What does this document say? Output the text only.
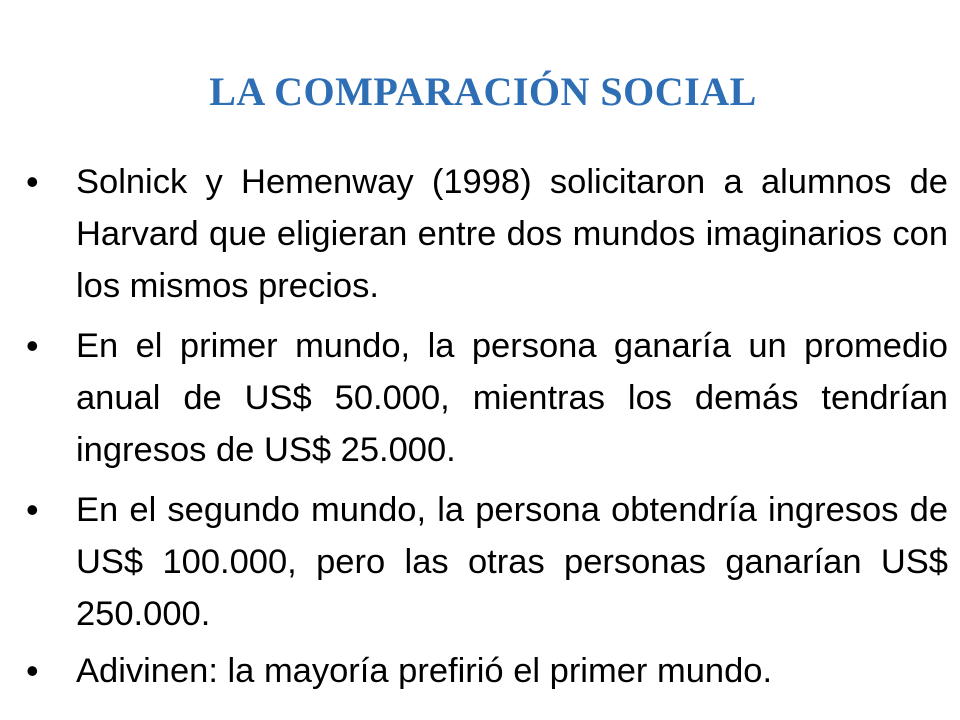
LA COMPARACIÓN SOCIAL
•	Solnick y Hemenway (1998) solicitaron a alumnos de Harvard que eligieran entre dos mundos imaginarios con los mismos precios.

•	En el primer mundo, la persona ganaría un promedio anual de US$ 50.000, mientras los demás tendrían ingresos de US$ 25.000.

•	En el segundo mundo, la persona obtendría ingresos de US$ 100.000, pero las otras personas ganarían US$ 250.000.

•	Adivinen: la mayoría prefirió el primer mundo.
